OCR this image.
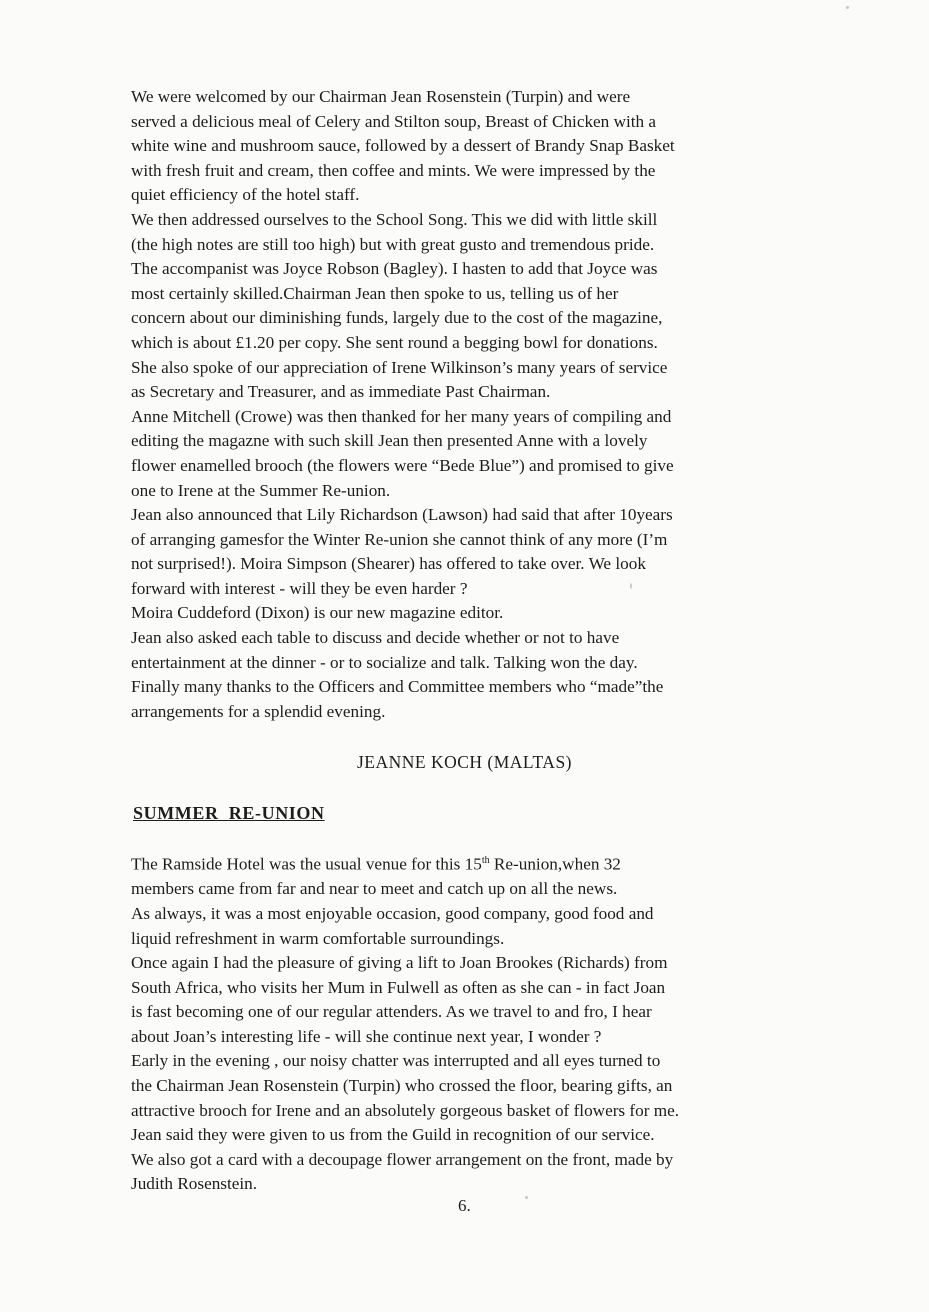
We were welcomed by our Chairman Jean Rosenstein (Turpin) and were

served a delicious meal of Celery and Stilton soup, Breast of Chicken with a

white wine and mushroom sauce, followed by a dessert of Brandy Snap Basket

with fresh fruit and cream, then coffee and mints. We were impressed by the

quiet efficiency of the hotel staff.

We then addressed ourselves to the School Song. This we did with little skill

(the high notes are still too high) but with great gusto and tremendous pride.

The accompanist was Joyce Robson (Bagley). I hasten to add that Joyce was

most certainly skilled.Chairman Jean then spoke to us, telling us of her

concern about our diminishing funds, largely due to the cost of the magazine,

which is about £1.20 per copy. She sent round a begging bowl for donations.

She also spoke of our appreciation of Irene Wilkinson’s many years of service

as Secretary and Treasurer, and as immediate Past Chairman.

Anne Mitchell (Crowe) was then thanked for her many years of compiling and

editing the magazne with such skill Jean then presented Anne with a lovely

flower enamelled brooch (the flowers were “Bede Blue”) and promised to give

one to Irene at the Summer Re-union.

Jean also announced that Lily Richardson (Lawson) had said that after 10years

of arranging gamesfor the Winter Re-union she cannot think of any more (I’m

not surprised!). Moira Simpson (Shearer) has offered to take over. We look

forward with interest - will they be even harder ?

Moira Cuddeford (Dixon) is our new magazine editor.

Jean also asked each table to discuss and decide whether or not to have

entertainment at the dinner - or to socialize and talk. Talking won the day.

Finally many thanks to the Officers and Committee members who “made”the

arrangements for a splendid evening.

JEANNE KOCH (MALTAS)

SUMMER  RE-UNION

The Ramside Hotel was the usual venue for this 15th Re-union,when 32

members came from far and near to meet and catch up on all the news.

As always, it was a most enjoyable occasion, good company, good food and

liquid refreshment in warm comfortable surroundings.

Once again I had the pleasure of giving a lift to Joan Brookes (Richards) from

South Africa, who visits her Mum in Fulwell as often as she can - in fact Joan

is fast becoming one of our regular attenders. As we travel to and fro, I hear

about Joan’s interesting life - will she continue next year, I wonder ?

Early in the evening , our noisy chatter was interrupted and all eyes turned to

the Chairman Jean Rosenstein (Turpin) who crossed the floor, bearing gifts, an

attractive brooch for Irene and an absolutely gorgeous basket of flowers for me.

Jean said they were given to us from the Guild in recognition of our service.

We also got a card with a decoupage flower arrangement on the front, made by

Judith Rosenstein.

6.
